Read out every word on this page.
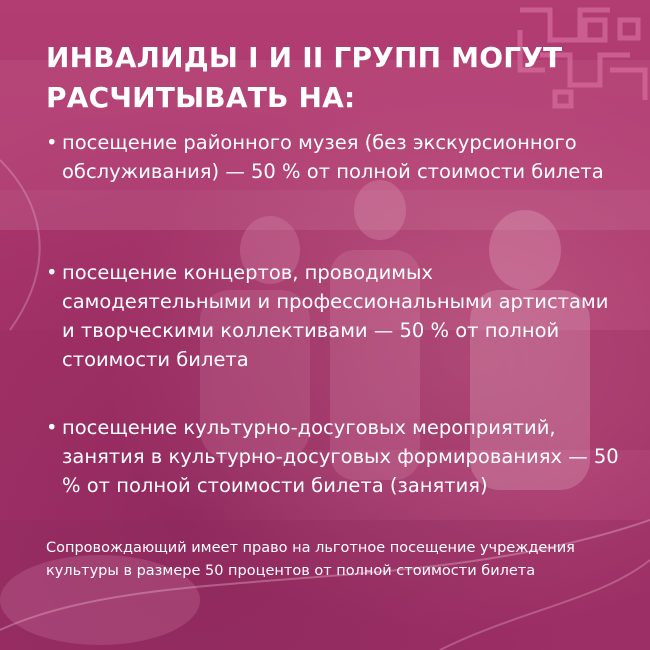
ИНВАЛИДЫ I И II ГРУПП МОГУТ
РАСЧИТЫВАТЬ НА:
• посещение районного музея (без экскурсионного обслуживания) — 50 % от полной стоимости билета
• посещение концертов, проводимых самодеятельными и профессиональными артистами и творческими коллективами — 50 % от полной стоимости билета
• посещение культурно-досуговых мероприятий, занятия в культурно-досуговых формированиях — 50 % от полной стоимости билета (занятия)

Сопровождающий имеет право на льготное посещение учреждения культуры в размере 50 процентов от полной стоимости билета
